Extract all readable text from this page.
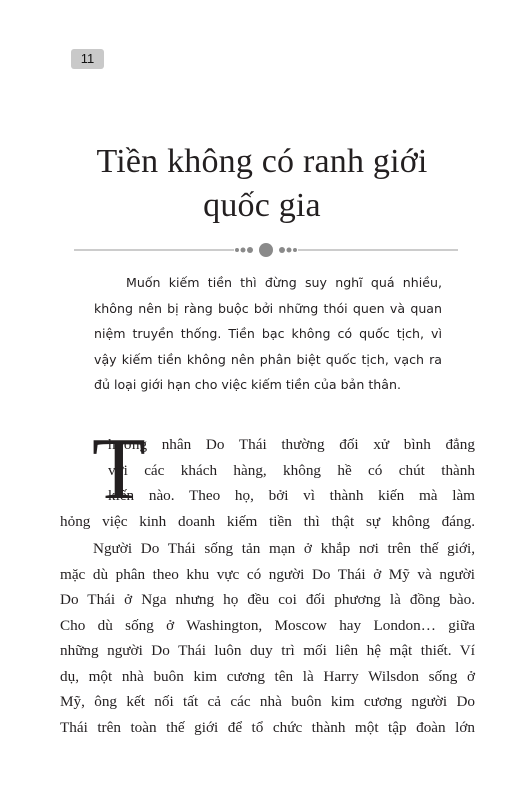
11
Tiền không có ranh giới
quốc gia
Muốn kiếm tiền thì đừng suy nghĩ quá nhiều,
không nên bị ràng buộc bởi những thói quen và quan
niệm truyền thống. Tiền bạc không có quốc tịch, vì
vậy kiếm tiền không nên phân biệt quốc tịch, vạch ra
đủ loại giới hạn cho việc kiếm tiền của bản thân.
T
hương nhân Do Thái thường đối xử bình đẳng
với các khách hàng, không hề có chút thành
kiến nào. Theo họ, bởi vì thành kiến mà làm
hỏng việc kinh doanh kiếm tiền thì thật sự không đáng.
Người Do Thái sống tản mạn ở khắp nơi trên thế giới,
mặc dù phân theo khu vực có người Do Thái ở Mỹ và người
Do Thái ở Nga nhưng họ đều coi đối phương là đồng bào.
Cho dù sống ở Washington, Moscow hay London… giữa
những người Do Thái luôn duy trì mối liên hệ mật thiết. Ví
dụ, một nhà buôn kim cương tên là Harry Wilsdon sống ở
Mỹ, ông kết nối tất cả các nhà buôn kim cương người Do
Thái trên toàn thế giới để tổ chức thành một tập đoàn lớn
